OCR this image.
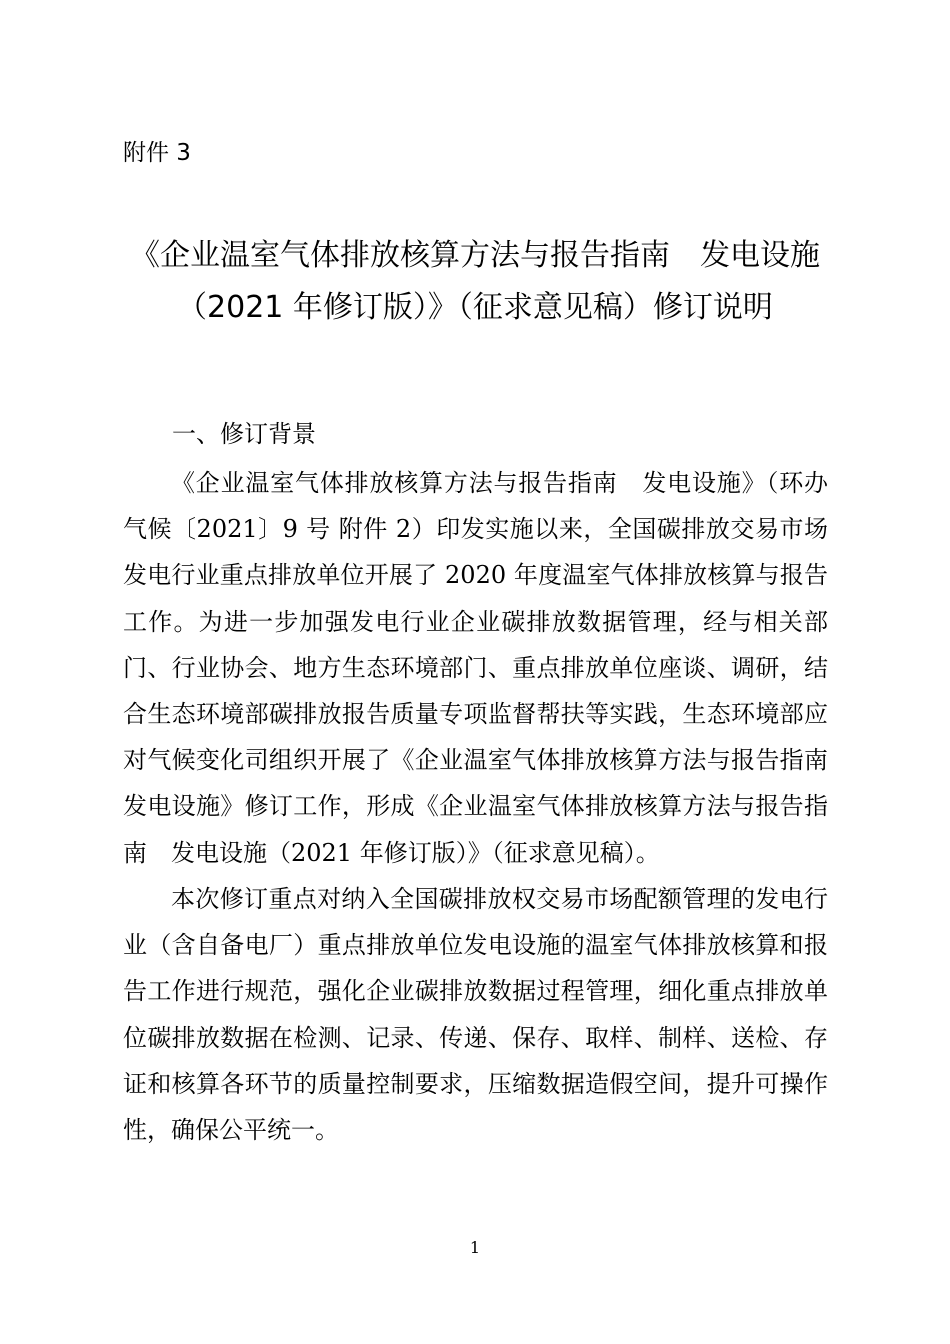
附件 3

《企业温室气体排放核算方法与报告指南　发电设施
（2021 年修订版）》（征求意见稿）修订说明
一、修订背景

《企业温室气体排放核算方法与报告指南　发电设施》（环办气候〔2021〕9 号 附件 2）印发实施以来，全国碳排放交易市场发电行业重点排放单位开展了 2020 年度温室气体排放核算与报告工作。为进一步加强发电行业企业碳排放数据管理，经与相关部门、行业协会、地方生态环境部门、重点排放单位座谈、调研，结合生态环境部碳排放报告质量专项监督帮扶等实践，生态环境部应对气候变化司组织开展了《企业温室气体排放核算方法与报告指南　发电设施》修订工作，形成《企业温室气体排放核算方法与报告指南　发电设施（2021 年修订版）》（征求意见稿）。

本次修订重点对纳入全国碳排放权交易市场配额管理的发电行业（含自备电厂）重点排放单位发电设施的温室气体排放核算和报告工作进行规范，强化企业碳排放数据过程管理，细化重点排放单位碳排放数据在检测、记录、传递、保存、取样、制样、送检、存证和核算各环节的质量控制要求，压缩数据造假空间，提升可操作性，确保公平统一。

1
